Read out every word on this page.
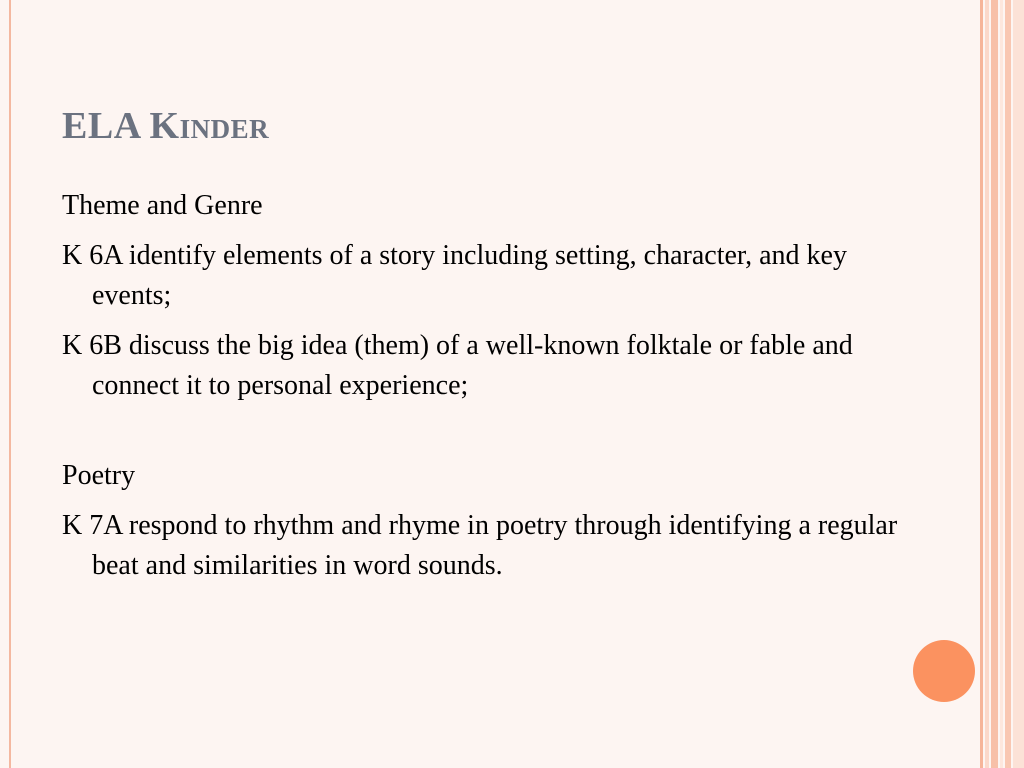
ELA Kinder

Theme and Genre

K 6A identify elements of a story including setting, character, and key events;

K 6B discuss the big idea (them) of a well-known folktale or fable and connect it to personal experience;

Poetry

K 7A respond to rhythm and rhyme in poetry through identifying a regular beat and similarities in word sounds.
